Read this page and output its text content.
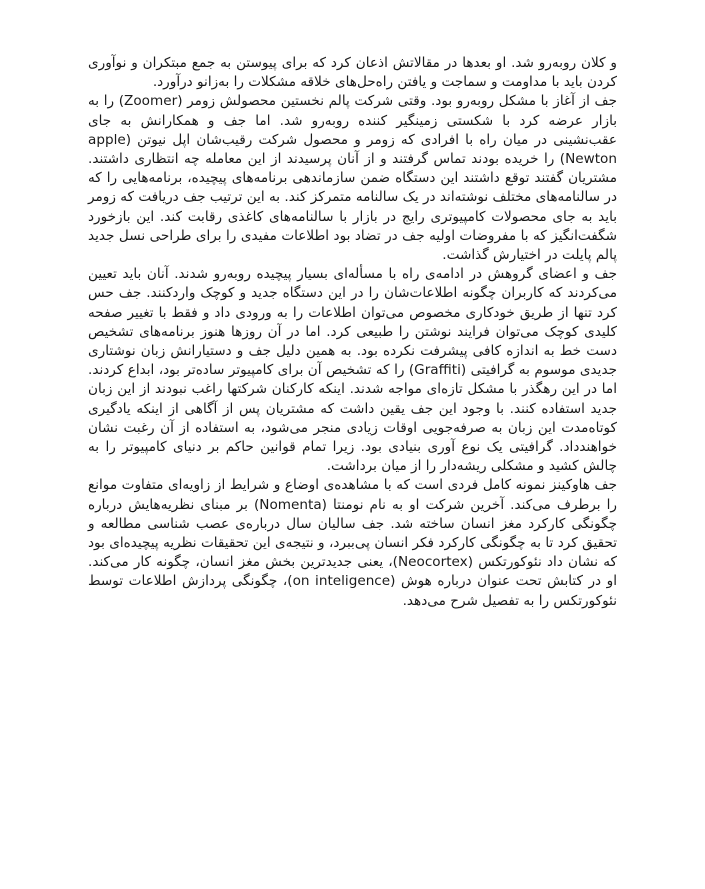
و کلان روبه‌رو شد. او بعدها در مقالاتش اذعان کرد که برای پیوستن به جمع مبتکران و نوآوری کردن باید با مداومت و سماجت و یافتن راه‌حل‌های خلاقه مشکلات را به‌زانو درآورد.

جف از آغاز با مشکل روبه‌رو بود. وقتی شرکت پالم نخستین محصولش زومر (Zoomer) را به بازار عرضه کرد با شکستی زمینگیر کننده روبه‌رو شد. اما جف و همکارانش به جای عقب‌نشینی در میان راه با افرادی که زومر و محصول شرکت رقیب‌شان اپل نیوتن (apple Newton) را خریده بودند تماس گرفتند و از آنان پرسیدند از این معامله چه انتظاری داشتند. مشتریان گفتند توقع داشتند این دستگاه ضمن سازماندهی برنامه‌های پیچیده، برنامه‌هایی را که در سالنامه‌های مختلف نوشته‌اند در یک سالنامه متمرکز کند. به این ترتیب جف دریافت که زومر باید به جای محصولات کامپیوتری رایج در بازار با سالنامه‌های کاغذی رقابت کند. این بازخورد شگفت‌انگیز که با مفروضات اولیه جف در تضاد بود اطلاعات مفیدی را برای طراحی نسل جدید پالم پایلت در اختیارش گذاشت.

جف و اعضای گروهش در ادامه‌ی راه با مسأله‌ای بسیار پیچیده روبه‌رو شدند. آنان باید تعیین می‌کردند که کاربران چگونه اطلاعات‌شان را در این دستگاه جدید و کوچک واردکنند. جف حس کرد تنها از طریق خودکاری مخصوص می‌توان اطلاعات را به ورودی داد و فقط با تغییر صفحه کلیدی کوچک می‌توان فرایند نوشتن را طبیعی کرد. اما در آن روزها هنوز برنامه‌های تشخیص دست خط به اندازه کافی پیشرفت نکرده بود. به همین دلیل جف و دستیارانش زبان نوشتاری جدیدی موسوم به گرافیتی (Graffiti) را که تشخیص آن برای کامپیوتر ساده‌تر بود، ابداع کردند. اما در این رهگذر با مشکل تازه‌ای مواجه شدند. اینکه کارکنان شرکتها راغب نبودند از این زبان جدید استفاده کنند. با وجود این جف یقین داشت که مشتریان پس از آگاهی از اینکه یادگیری کوتاه‌مدت این زبان به صرفه‌جویی اوقات زیادی منجر می‌شود، به استفاده از آن رغبت نشان خواهندداد. گرافیتی یک نوع آوری بنیادی بود. زیرا تمام قوانین حاکم بر دنیای کامپیوتر را به چالش کشید و مشکلی ریشه‌دار را از میان برداشت.

جف هاوکینز نمونه کامل فردی است که با مشاهده‌ی اوضاع و شرایط از زاویه‌ای متفاوت موانع را برطرف می‌کند. آخرین شرکت او به نام نومنتا (Nomenta) بر مبنای نظریه‌هایش درباره چگونگی کارکرد مغز انسان ساخته شد. جف سالیان سال درباره‌ی عصب شناسی مطالعه و تحقیق کرد تا به چگونگی کارکرد فکر انسان پی‌ببرد، و نتیجه‌ی این تحقیقات نظریه پیچیده‌ای بود که نشان داد نئوکورتکس (Neocortex)، یعنی جدیدترین بخش مغز انسان، چگونه کار می‌کند. او در کتابش تحت عنوان درباره هوش (on inteligence)، چگونگی پردازش اطلاعات توسط نئوکورتکس را به تفصیل شرح می‌دهد.
